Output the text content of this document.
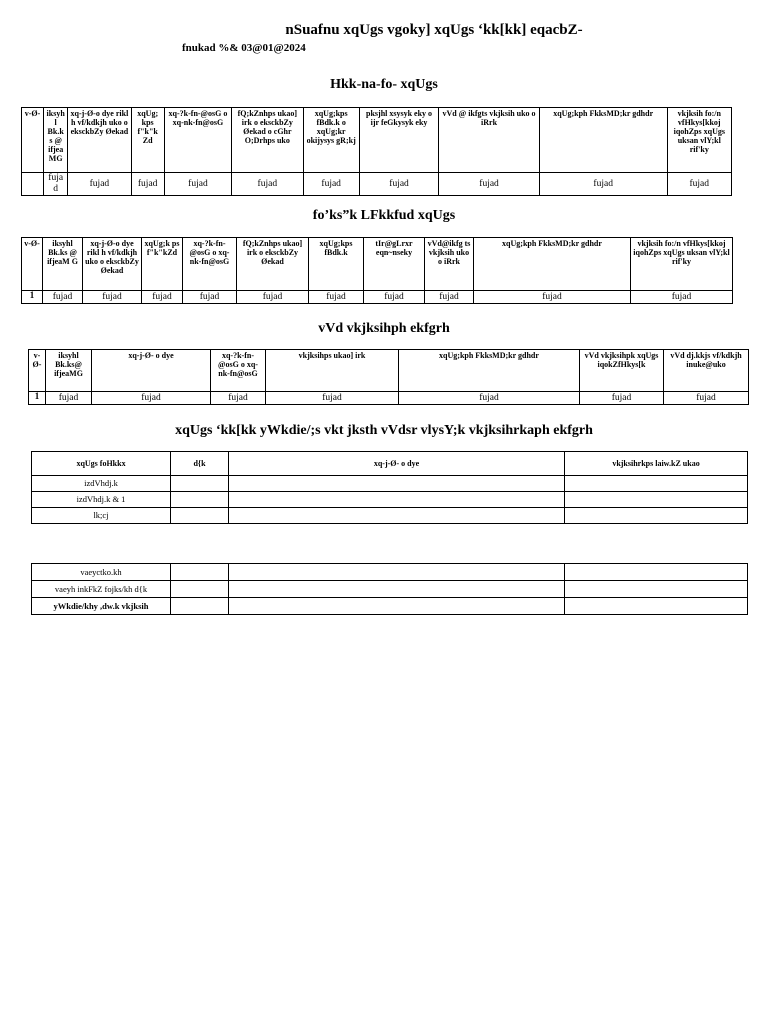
nSuafnu xqUgs vgoky] xqUgs ‘kk[kk] eqacbZ-
fnukad %& 03@01@2024
Hkk-na-fo- xqUgs
v-Ø-	iksyhl Bk.ks @ ifjea MG	xq-j-Ø-o dye rikl h vf/kdkjh uko o eksckbZy Øekad	xqUg; kps f"k"k Zd	xq-?k-fn-@osG o xq-nk-fn@osG	fQ;kZnhps ukao] irk o eksckbZy Øekad o cGhr O;Drhps uko	xqUg;kps fBdk.k o xqUg;kr okijysys gR;kj	pksjhl xsysyk eky o ijr feGkysyk eky	vVd @ ikfgts vkjksih uko o iRrk	xqUg;kph FkksMD;kr gdhdr	vkjksih fo:/n vfHkys[kkoj iqohZps xqUgs uksan vlY;kl rif'ky
	fujad	fujad	fujad	fujad	fujad	fujad	fujad	fujad	fujad	fujad
fo’ks”k LFkkfud xqUgs
v-Ø-	iksyhl Bk.ks @ ifjeaM G	xq-j-Ø-o dye rikl h vf/kdkjh uko o eksckbZy Øekad	xqUg;k ps f"k"kZd	xq-?k-fn-@osG o xq-nk-fn@osG	fQ;kZnhps ukao] irk o eksckbZy Øekad	xqUg;kps fBdk.k	tIr@gLrxr eqn~nseky	vVd@ikfg ts vkjksih uko o iRrk	xqUg;kph FkksMD;kr gdhdr	vkjksih fo:/n vfHkys[kkoj iqohZps xqUgs uksan vlY;kl rif'ky
1	fujad	fujad	fujad	fujad	fujad	fujad	fujad	fujad	fujad	fujad
vVd vkjksihph ekfgrh
v-Ø-	iksyhl Bk.ks@ ifjeaMG	xq-j-Ø- o dye	xq-?k-fn-@osG o xq-nk-fn@osG	vkjksihps ukao] irk	xqUg;kph FkksMD;kr gdhdr	vVd vkjksihpk xqUgs iqokZfHkys[k	vVd dj.kkjs vf/kdkjh inuke@uko
1	fujad	fujad	fujad	fujad	fujad	fujad	fujad
xqUgs ‘kk[kk yWkdie/;s vkt jksth vVdsr vlysY;k vkjksihrkaph ekfgrh
xqUgs foHkkx	d{k	xq-j-Ø- o dye	vkjksihrkps laiw.kZ ukao
izdVhdj.k			
izdVhdj.k & 1			
lk;cj			
vaeyctko.kh			
vaeyh inkFkZ fojks/kh d{k			
yWkdie/khy ,dw.k vkjksih			
